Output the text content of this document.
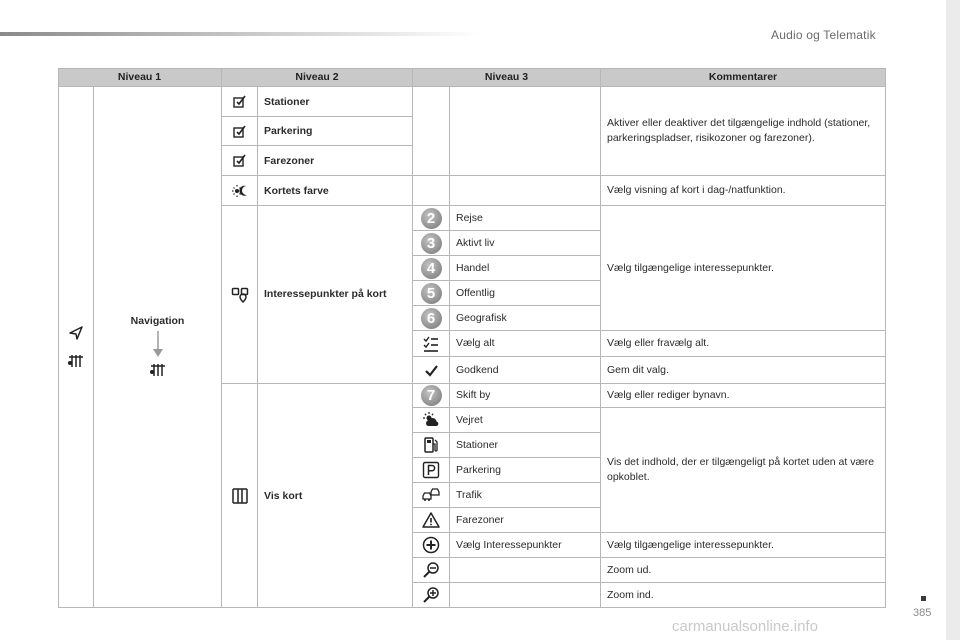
Audio og Telematik
Niveau 1	Niveau 2	Niveau 3	Kommentarer
Navigation
Stationer
Parkering
Farezoner
Aktiver eller deaktiver det tilgængelige indhold (stationer, parkeringspladser, risikozoner og farezoner).
Kortets farve	Vælg visning af kort i dag-/natfunktion.
Interessepunkter på kort
2	Rejse
3	Aktivt liv
4	Handel
5	Offentlig
6	Geografisk
Vælg tilgængelige interessepunkter.
Vælg alt	Vælg eller fravælg alt.
Godkend	Gem dit valg.
Vis kort
7	Skift by	Vælg eller rediger bynavn.
Vejret
Stationer
Parkering
Trafik
Farezoner
Vis det indhold, der er tilgængeligt på kortet uden at være opkoblet.
Vælg Interessepunkter	Vælg tilgængelige interessepunkter.
Zoom ud.
Zoom ind.
385
carmanualsonline.info
